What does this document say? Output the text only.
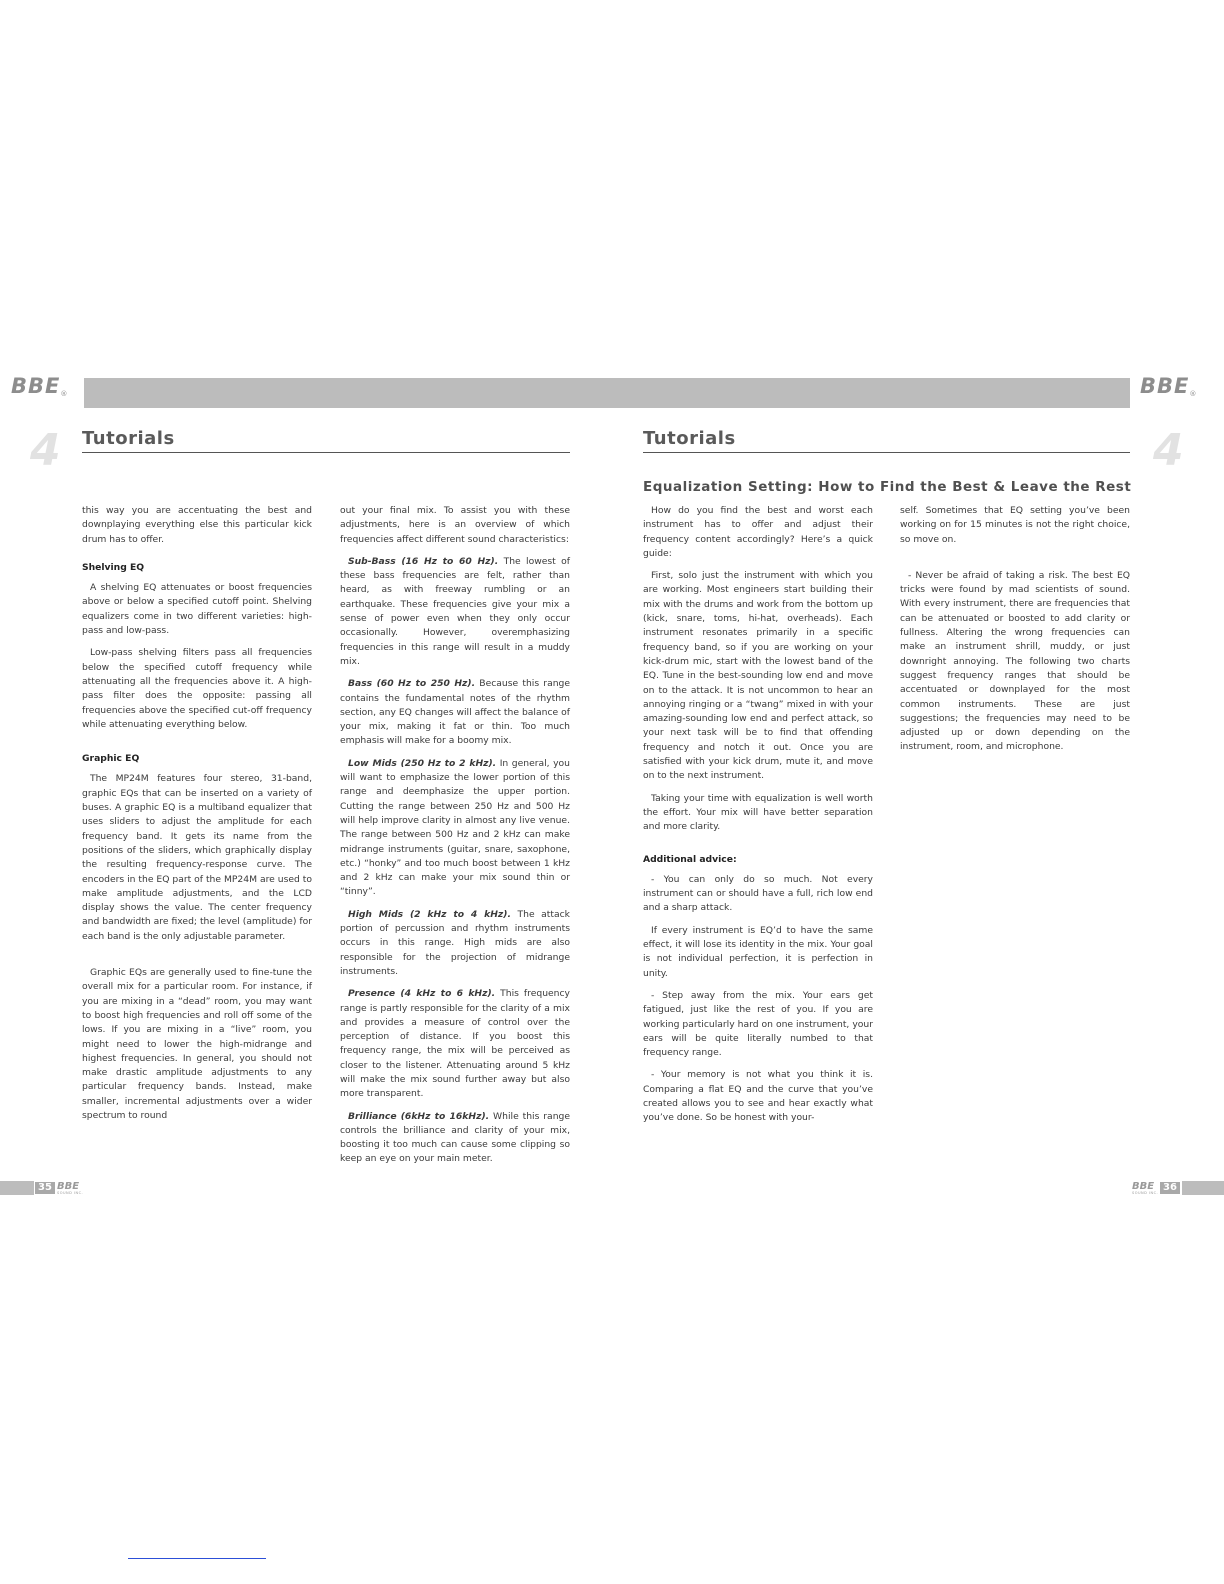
BBE®	BBE®
4 Tutorials

this way you are accentuating the best and downplaying everything else this particular kick drum has to offer.

Shelving EQ

A shelving EQ attenuates or boost frequencies above or below a specified cutoff point. Shelving equalizers come in two different varieties: high-pass and low-pass.

Low-pass shelving filters pass all frequencies below the specified cutoff frequency while attenuating all the frequencies above it. A high-pass filter does the opposite: passing all frequencies above the specified cut-off frequency while attenuating everything below.

Graphic EQ

The MP24M features four stereo, 31-band, graphic EQs that can be inserted on a variety of buses. A graphic EQ is a multiband equalizer that uses sliders to adjust the amplitude for each frequency band. It gets its name from the positions of the sliders, which graphically display the resulting frequency-response curve. The encoders in the EQ part of the MP24M are used to make amplitude adjustments, and the LCD display shows the value. The center frequency and bandwidth are fixed; the level (amplitude) for each band is the only adjustable parameter.

Graphic EQs are generally used to fine-tune the overall mix for a particular room. For instance, if you are mixing in a “dead” room, you may want to boost high frequencies and roll off some of the lows. If you are mixing in a “live” room, you might need to lower the high-midrange and highest frequencies. In general, you should not make drastic amplitude adjustments to any particular frequency bands. Instead, make smaller, incremental adjustments over a wider spectrum to round

out your final mix. To assist you with these adjustments, here is an overview of which frequencies affect different sound characteristics:

Sub-Bass (16 Hz to 60 Hz). The lowest of these bass frequencies are felt, rather than heard, as with freeway rumbling or an earthquake. These frequencies give your mix a sense of power even when they only occur occasionally. However, overemphasizing frequencies in this range will result in a muddy mix.

Bass (60 Hz to 250 Hz). Because this range contains the fundamental notes of the rhythm section, any EQ changes will affect the balance of your mix, making it fat or thin. Too much emphasis will make for a boomy mix.

Low Mids (250 Hz to 2 kHz). In general, you will want to emphasize the lower portion of this range and deemphasize the upper portion. Cutting the range between 250 Hz and 500 Hz will help improve clarity in almost any live venue. The range between 500 Hz and 2 kHz can make midrange instruments (guitar, snare, saxophone, etc.) “honky” and too much boost between 1 kHz and 2 kHz can make your mix sound thin or “tinny”.

High Mids (2 kHz to 4 kHz). The attack portion of percussion and rhythm instruments occurs in this range. High mids are also responsible for the projection of midrange instruments.

Presence (4 kHz to 6 kHz). This frequency range is partly responsible for the clarity of a mix and provides a measure of control over the perception of distance. If you boost this frequency range, the mix will be perceived as closer to the listener. Attenuating around 5 kHz will make the mix sound further away but also more transparent.

Brilliance (6kHz to 16kHz). While this range controls the brilliance and clarity of your mix, boosting it too much can cause some clipping so keep an eye on your main meter.

Tutorials	4
Equalization Setting: How to Find the Best & Leave the Rest

How do you find the best and worst each instrument has to offer and adjust their frequency content accordingly? Here’s a quick guide:

First, solo just the instrument with which you are working. Most engineers start building their mix with the drums and work from the bottom up (kick, snare, toms, hi-hat, overheads). Each instrument resonates primarily in a specific frequency band, so if you are working on your kick-drum mic, start with the lowest band of the EQ. Tune in the best-sounding low end and move on to the attack. It is not uncommon to hear an annoying ringing or a “twang” mixed in with your amazing-sounding low end and perfect attack, so your next task will be to find that offending frequency and notch it out. Once you are satisfied with your kick drum, mute it, and move on to the next instrument.

Taking your time with equalization is well worth the effort. Your mix will have better separation and more clarity.

Additional advice:

- You can only do so much. Not every instrument can or should have a full, rich low end and a sharp attack.

If every instrument is EQ’d to have the same effect, it will lose its identity in the mix. Your goal is not individual perfection, it is perfection in unity.

- Step away from the mix. Your ears get fatigued, just like the rest of you. If you are working particularly hard on one instrument, your ears will be quite literally numbed to that frequency range.

- Your memory is not what you think it is. Comparing a flat EQ and the curve that you’ve created allows you to see and hear exactly what you’ve done. So be honest with your-

self. Sometimes that EQ setting you’ve been working on for 15 minutes is not the right choice, so move on.

- Never be afraid of taking a risk. The best EQ tricks were found by mad scientists of sound. With every instrument, there are frequencies that can be attenuated or boosted to add clarity or fullness. Altering the wrong frequencies can make an instrument shrill, muddy, or just downright annoying. The following two charts suggest frequency ranges that should be accentuated or downplayed for the most common instruments. These are just suggestions; the frequencies may need to be adjusted up or down depending on the instrument, room, and microphone.

35 BBE
SOUND INC.
BBE
SOUND INC. 36
